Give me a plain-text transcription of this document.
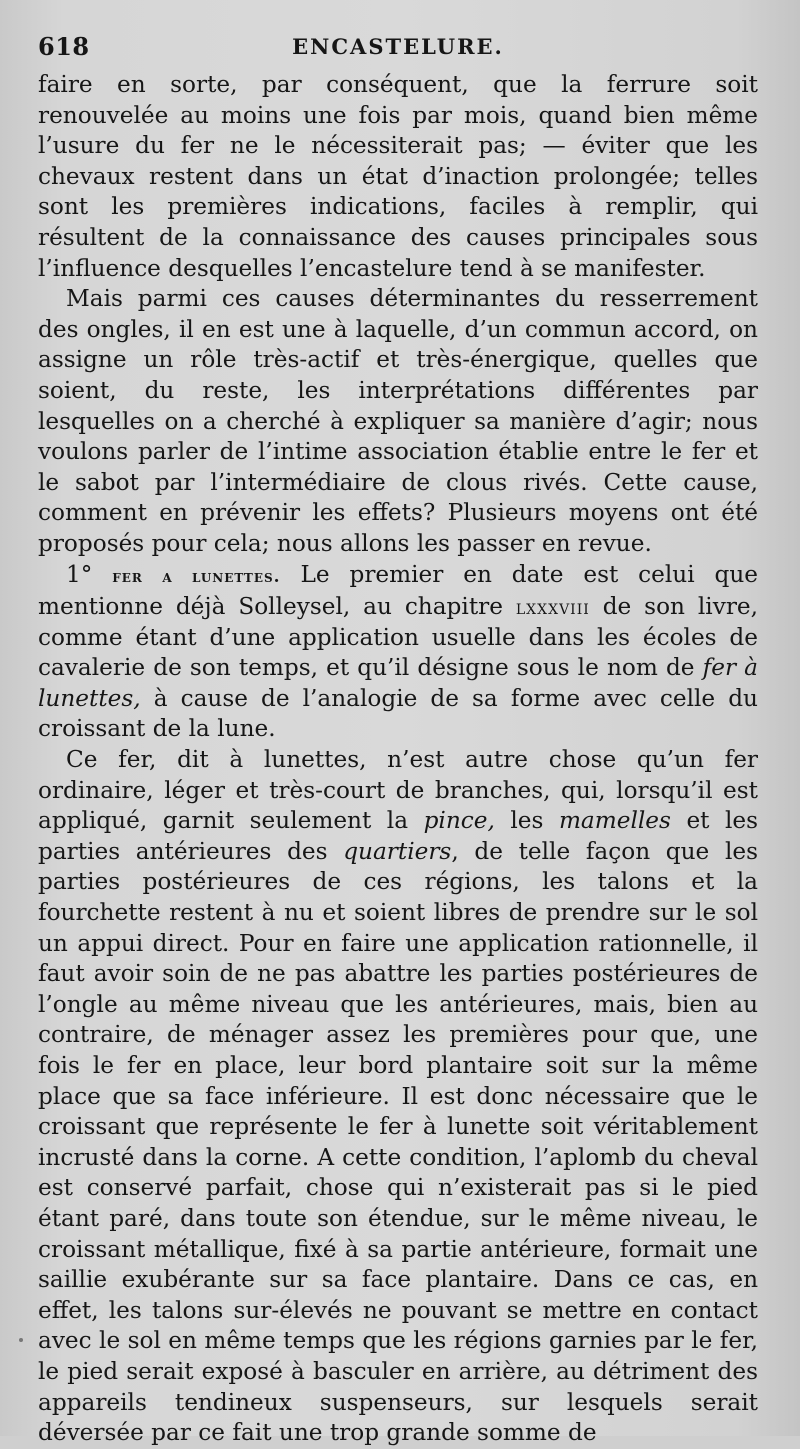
618	ENCASTELURE.

faire en sorte, par conséquent, que la ferrure soit renouvelée au moins une fois par mois, quand bien même l’usure du fer ne le nécessiterait pas; — éviter que les chevaux restent dans un état d’inaction prolongée; telles sont les premières indications, faciles à remplir, qui résultent de la connaissance des causes principales sous l’influence desquelles l’encastelure tend à se manifester.

Mais parmi ces causes déterminantes du resserrement des ongles, il en est une à laquelle, d’un commun accord, on assigne un rôle très-actif et très-énergique, quelles que soient, du reste, les interprétations différentes par lesquelles on a cherché à expliquer sa manière d’agir; nous voulons parler de l’intime association établie entre le fer et le sabot par l’intermédiaire de clous rivés. Cette cause, comment en prévenir les effets? Plusieurs moyens ont été proposés pour cela; nous allons les passer en revue.

1° fer a lunettes. Le premier en date est celui que mentionne déjà Solleysel, au chapitre lxxxviii de son livre, comme étant d’une application usuelle dans les écoles de cavalerie de son temps, et qu’il désigne sous le nom de fer à lunettes, à cause de l’analogie de sa forme avec celle du croissant de la lune.

Ce fer, dit à lunettes, n’est autre chose qu’un fer ordinaire, léger et très-court de branches, qui, lorsqu’il est appliqué, garnit seulement la pince, les mamelles et les parties antérieures des quartiers, de telle façon que les parties postérieures de ces régions, les talons et la fourchette restent à nu et soient libres de prendre sur le sol un appui direct. Pour en faire une application rationnelle, il faut avoir soin de ne pas abattre les parties postérieures de l’ongle au même niveau que les antérieures, mais, bien au contraire, de ménager assez les premières pour que, une fois le fer en place, leur bord plantaire soit sur la même place que sa face inférieure. Il est donc nécessaire que le croissant que représente le fer à lunette soit véritablement incrusté dans la corne. A cette condition, l’aplomb du cheval est conservé parfait, chose qui n’existerait pas si le pied étant paré, dans toute son étendue, sur le même niveau, le croissant métallique, fixé à sa partie antérieure, formait une saillie exubérante sur sa face plantaire. Dans ce cas, en effet, les talons sur-élevés ne pouvant se mettre en contact avec le sol en même temps que les régions garnies par le fer, le pied serait exposé à basculer en arrière, au détriment des appareils tendineux suspenseurs, sur lesquels serait déversée par ce fait une trop grande somme de
